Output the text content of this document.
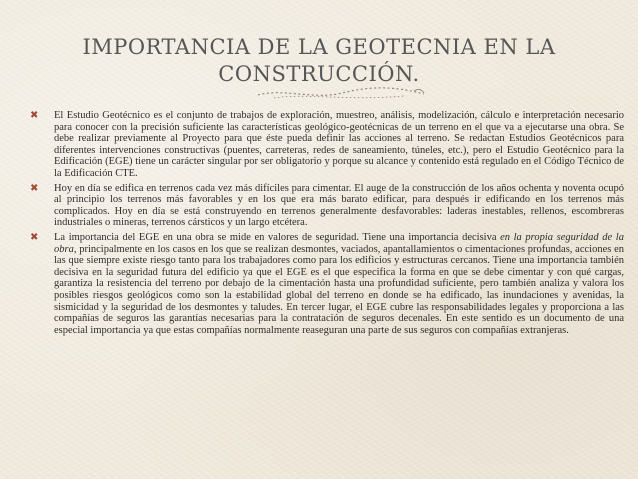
IMPORTANCIA DE LA GEOTECNIA EN LA
CONSTRUCCIÓN.
✖ El Estudio Geotécnico es el conjunto de trabajos de exploración, muestreo, análisis, modelización, cálculo e interpretación necesario para conocer con la precisión suficiente las características geológico-geotécnicas de un terreno en el que va a ejecutarse una obra. Se debe realizar previamente al Proyecto para que éste pueda definir las acciones al terreno. Se redactan Estudios Geotécnicos para diferentes intervenciones constructivas (puentes, carreteras, redes de saneamiento, túneles, etc.), pero el Estudio Geotécnico para la Edificación (EGE) tiene un carácter singular por ser obligatorio y porque su alcance y contenido está regulado en el Código Técnico de la Edificación CTE.
✖ Hoy en día se edifica en terrenos cada vez más difíciles para cimentar. El auge de la construcción de los años ochenta y noventa ocupó al principio los terrenos más favorables y en los que era más barato edificar, para después ir edificando en los terrenos más complicados. Hoy en día se está construyendo en terrenos generalmente desfavorables: laderas inestables, rellenos, escombreras industriales o mineras, terrenos cársticos y un largo etcétera.
✖ La importancia del EGE en una obra se mide en valores de seguridad. Tiene una importancia decisiva en la propia seguridad de la obra, principalmente en los casos en los que se realizan desmontes, vaciados, apantallamientos o cimentaciones profundas, acciones en las que siempre existe riesgo tanto para los trabajadores como para los edificios y estructuras cercanos. Tiene una importancia también decisiva en la seguridad futura del edificio ya que el EGE es el que especifica la forma en que se debe cimentar y con qué cargas, garantiza la resistencia del terreno por debajo de la cimentación hasta una profundidad suficiente, pero también analiza y valora los posibles riesgos geológicos como son la estabilidad global del terreno en donde se ha edificado, las inundaciones y avenidas, la sismicidad y la seguridad de los desmontes y taludes. En tercer lugar, el EGE cubre las responsabilidades legales y proporciona a las compañías de seguros las garantías necesarias para la contratación de seguros decenales. En este sentido es un documento de una especial importancia ya que estas compañías normalmente reaseguran una parte de sus seguros con compañías extranjeras.
